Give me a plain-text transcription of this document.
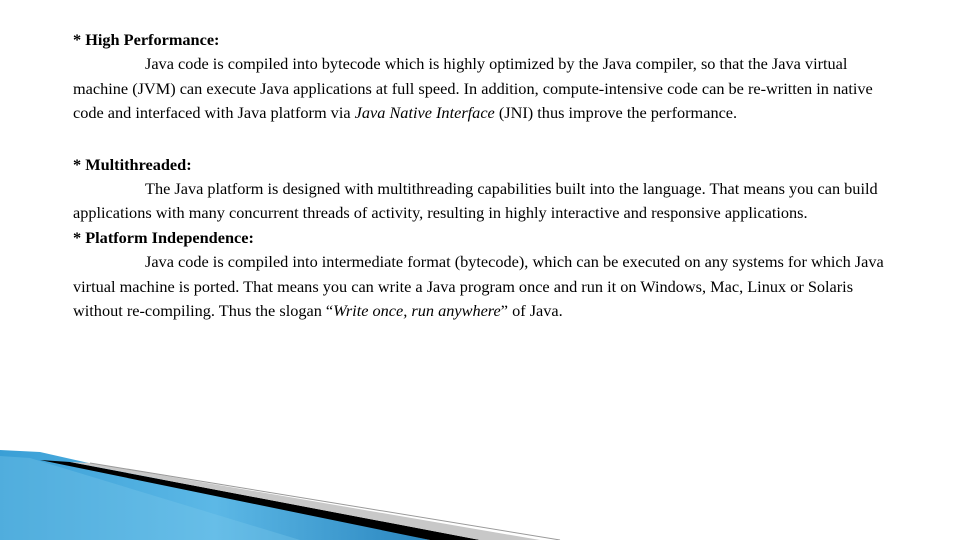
* High Performance:

Java code is compiled into bytecode which is highly optimized by the Java compiler, so that the Java virtual machine (JVM) can execute Java applications at full speed. In addition, compute-intensive code can be re-written in native code and interfaced with Java platform via Java Native Interface (JNI) thus improve the performance.

* Multithreaded:

The Java platform is designed with multithreading capabilities built into the language. That means you can build applications with many concurrent threads of activity, resulting in highly interactive and responsive applications.

* Platform Independence:

Java code is compiled into intermediate format (bytecode), which can be executed on any systems for which Java virtual machine is ported. That means you can write a Java program once and run it on Windows, Mac, Linux or Solaris without re-compiling. Thus the slogan “Write once, run anywhere” of Java.
